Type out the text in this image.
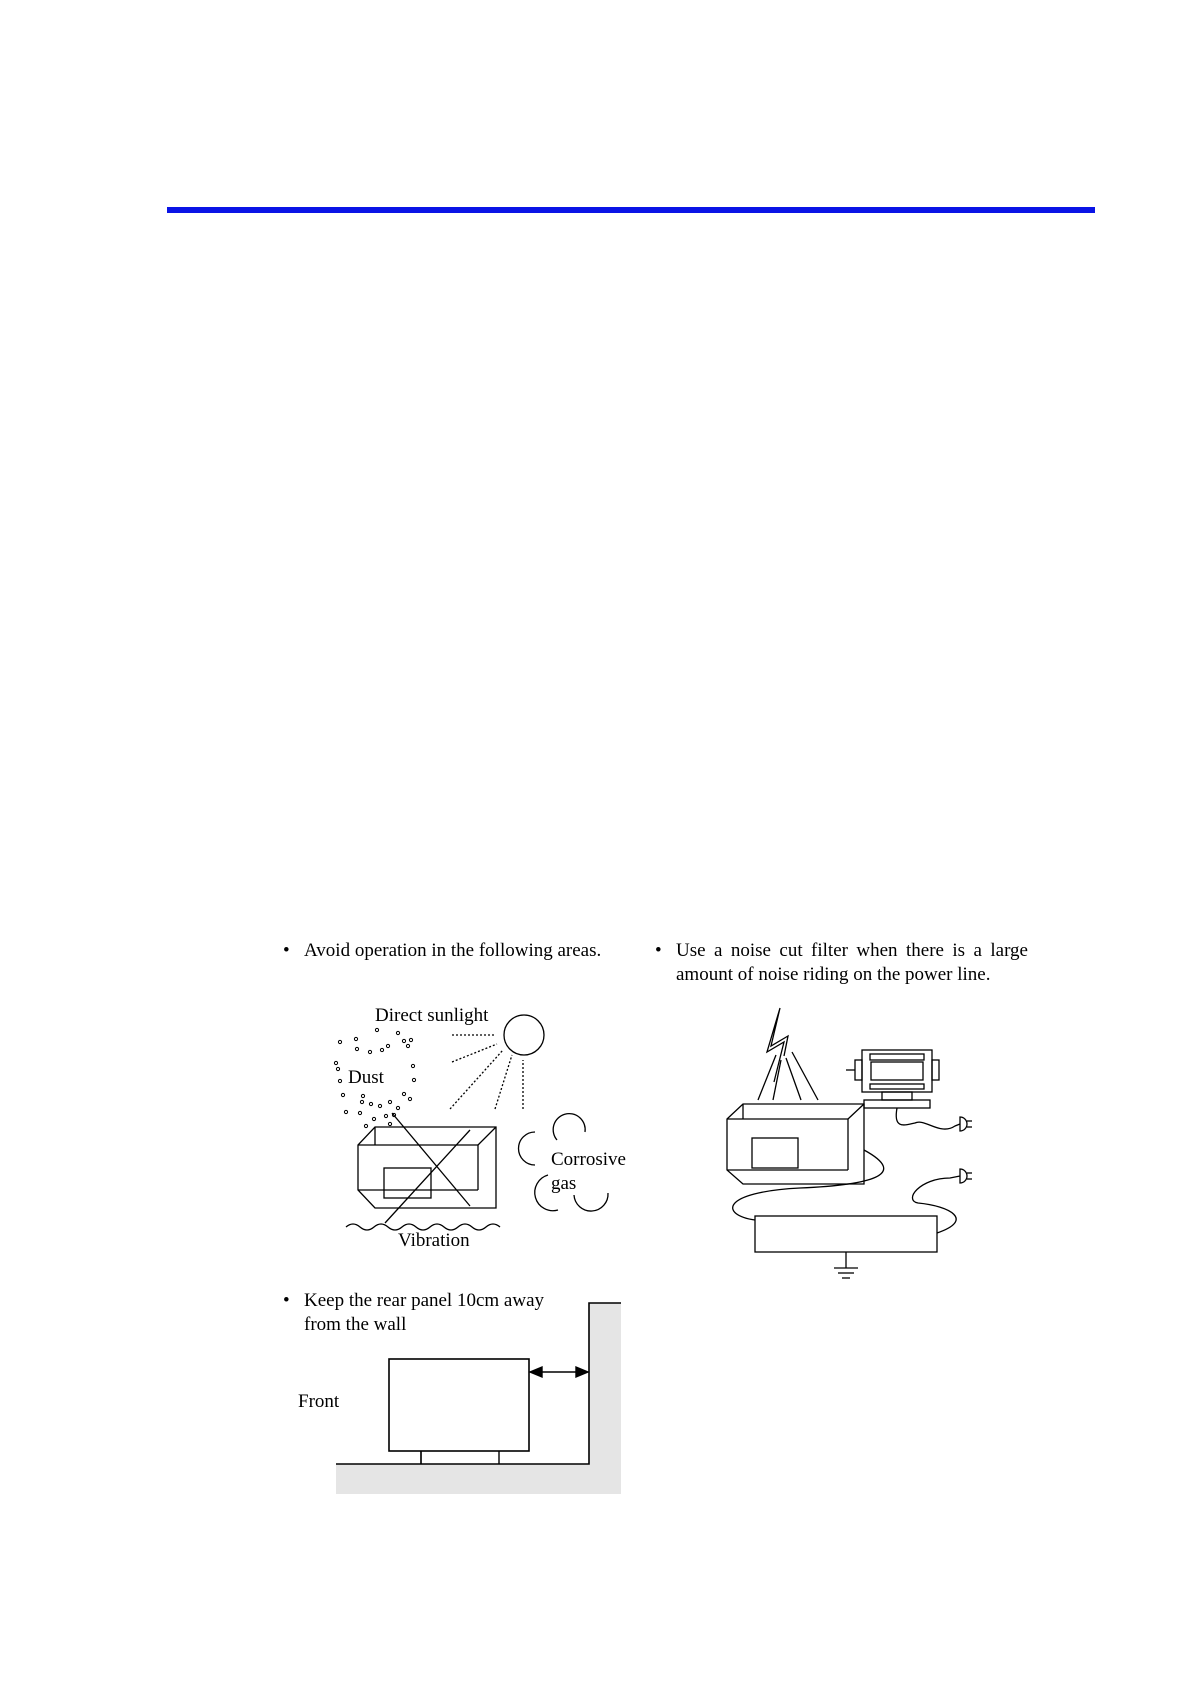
• Avoid operation in the following areas.	• Use a noise cut filter when there is a large amount of noise riding on the power line.
• Keep the rear panel 10cm away from the wall
Direct sunlight
Dust
Vibration
Corrosive
gas
Front
